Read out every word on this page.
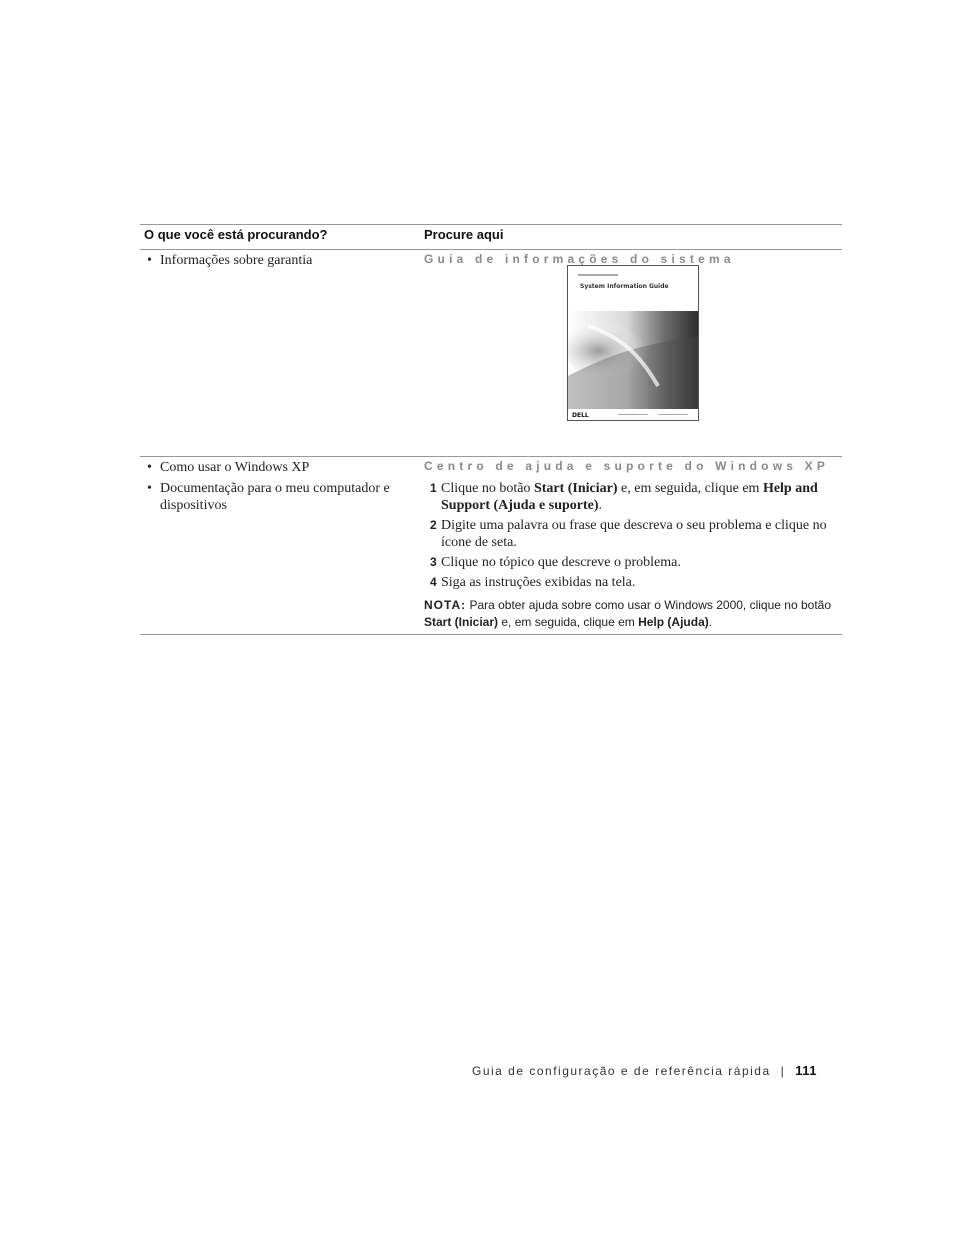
O que você está procurando?	Procure aqui
• Informações sobre garantia	Guia de informações do sistema
System Information Guide
DELL
• Como usar o Windows XP
• Documentação para o meu computador e dispositivos
Centro de ajuda e suporte do Windows XP
1 Clique no botão Start (Iniciar) e, em seguida, clique em Help and Support (Ajuda e suporte).
2 Digite uma palavra ou frase que descreva o seu problema e clique no ícone de seta.
3 Clique no tópico que descreve o problema.
4 Siga as instruções exibidas na tela.
NOTA: Para obter ajuda sobre como usar o Windows 2000, clique no botão Start (Iniciar) e, em seguida, clique em Help (Ajuda).
Guia de configuração e de referência rápida | 111
